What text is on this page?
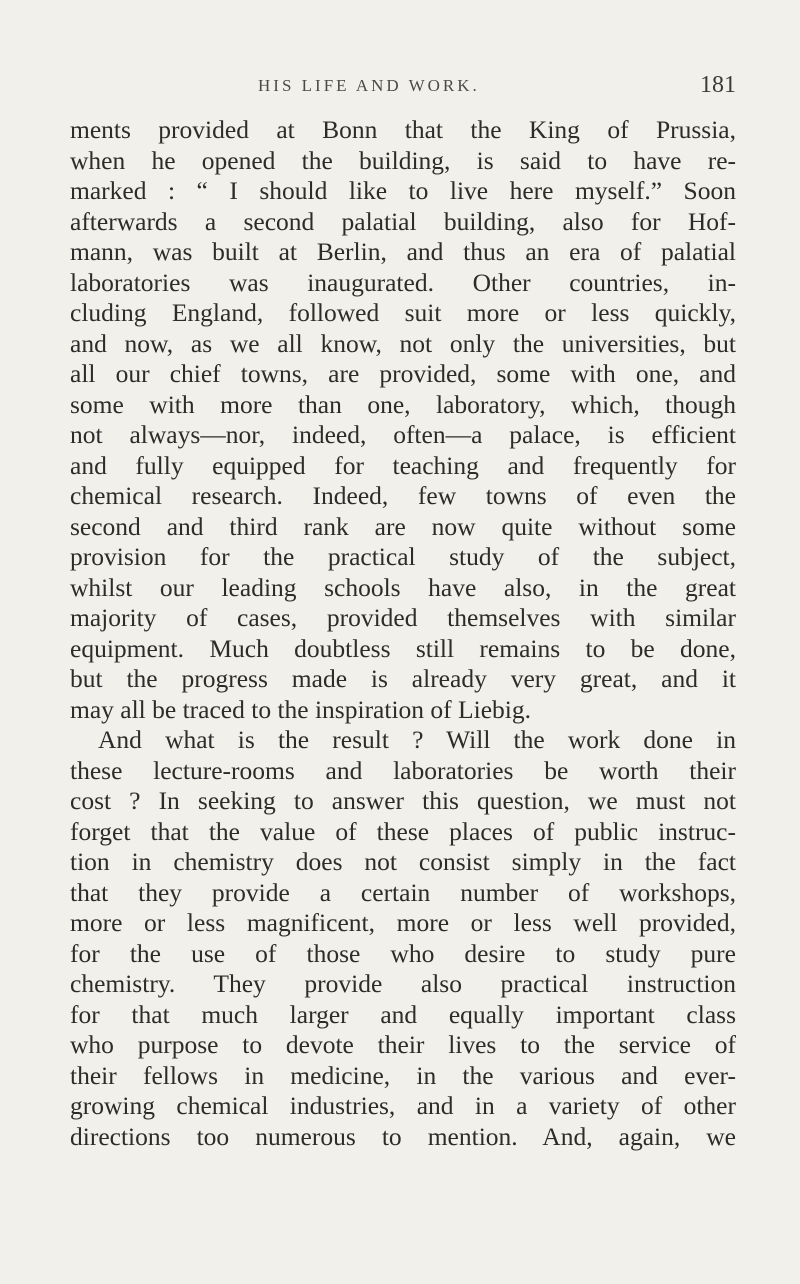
HIS LIFE AND WORK.	181
ments provided at Bonn that the King of Prussia,
when he opened the building, is said to have re-
marked : “ I should like to live here myself.” Soon
afterwards a second palatial building, also for Hof-
mann, was built at Berlin, and thus an era of palatial
laboratories was inaugurated. Other countries, in-
cluding England, followed suit more or less quickly,
and now, as we all know, not only the universities, but
all our chief towns, are provided, some with one, and
some with more than one, laboratory, which, though
not always—nor, indeed, often—a palace, is efficient
and fully equipped for teaching and frequently for
chemical research. Indeed, few towns of even the
second and third rank are now quite without some
provision for the practical study of the subject,
whilst our leading schools have also, in the great
majority of cases, provided themselves with similar
equipment. Much doubtless still remains to be done,
but the progress made is already very great, and it
may all be traced to the inspiration of Liebig.
And what is the result ? Will the work done in
these lecture-rooms and laboratories be worth their
cost ? In seeking to answer this question, we must not
forget that the value of these places of public instruc-
tion in chemistry does not consist simply in the fact
that they provide a certain number of workshops,
more or less magnificent, more or less well provided,
for the use of those who desire to study pure
chemistry. They provide also practical instruction
for that much larger and equally important class
who purpose to devote their lives to the service of
their fellows in medicine, in the various and ever-
growing chemical industries, and in a variety of other
directions too numerous to mention. And, again, we
